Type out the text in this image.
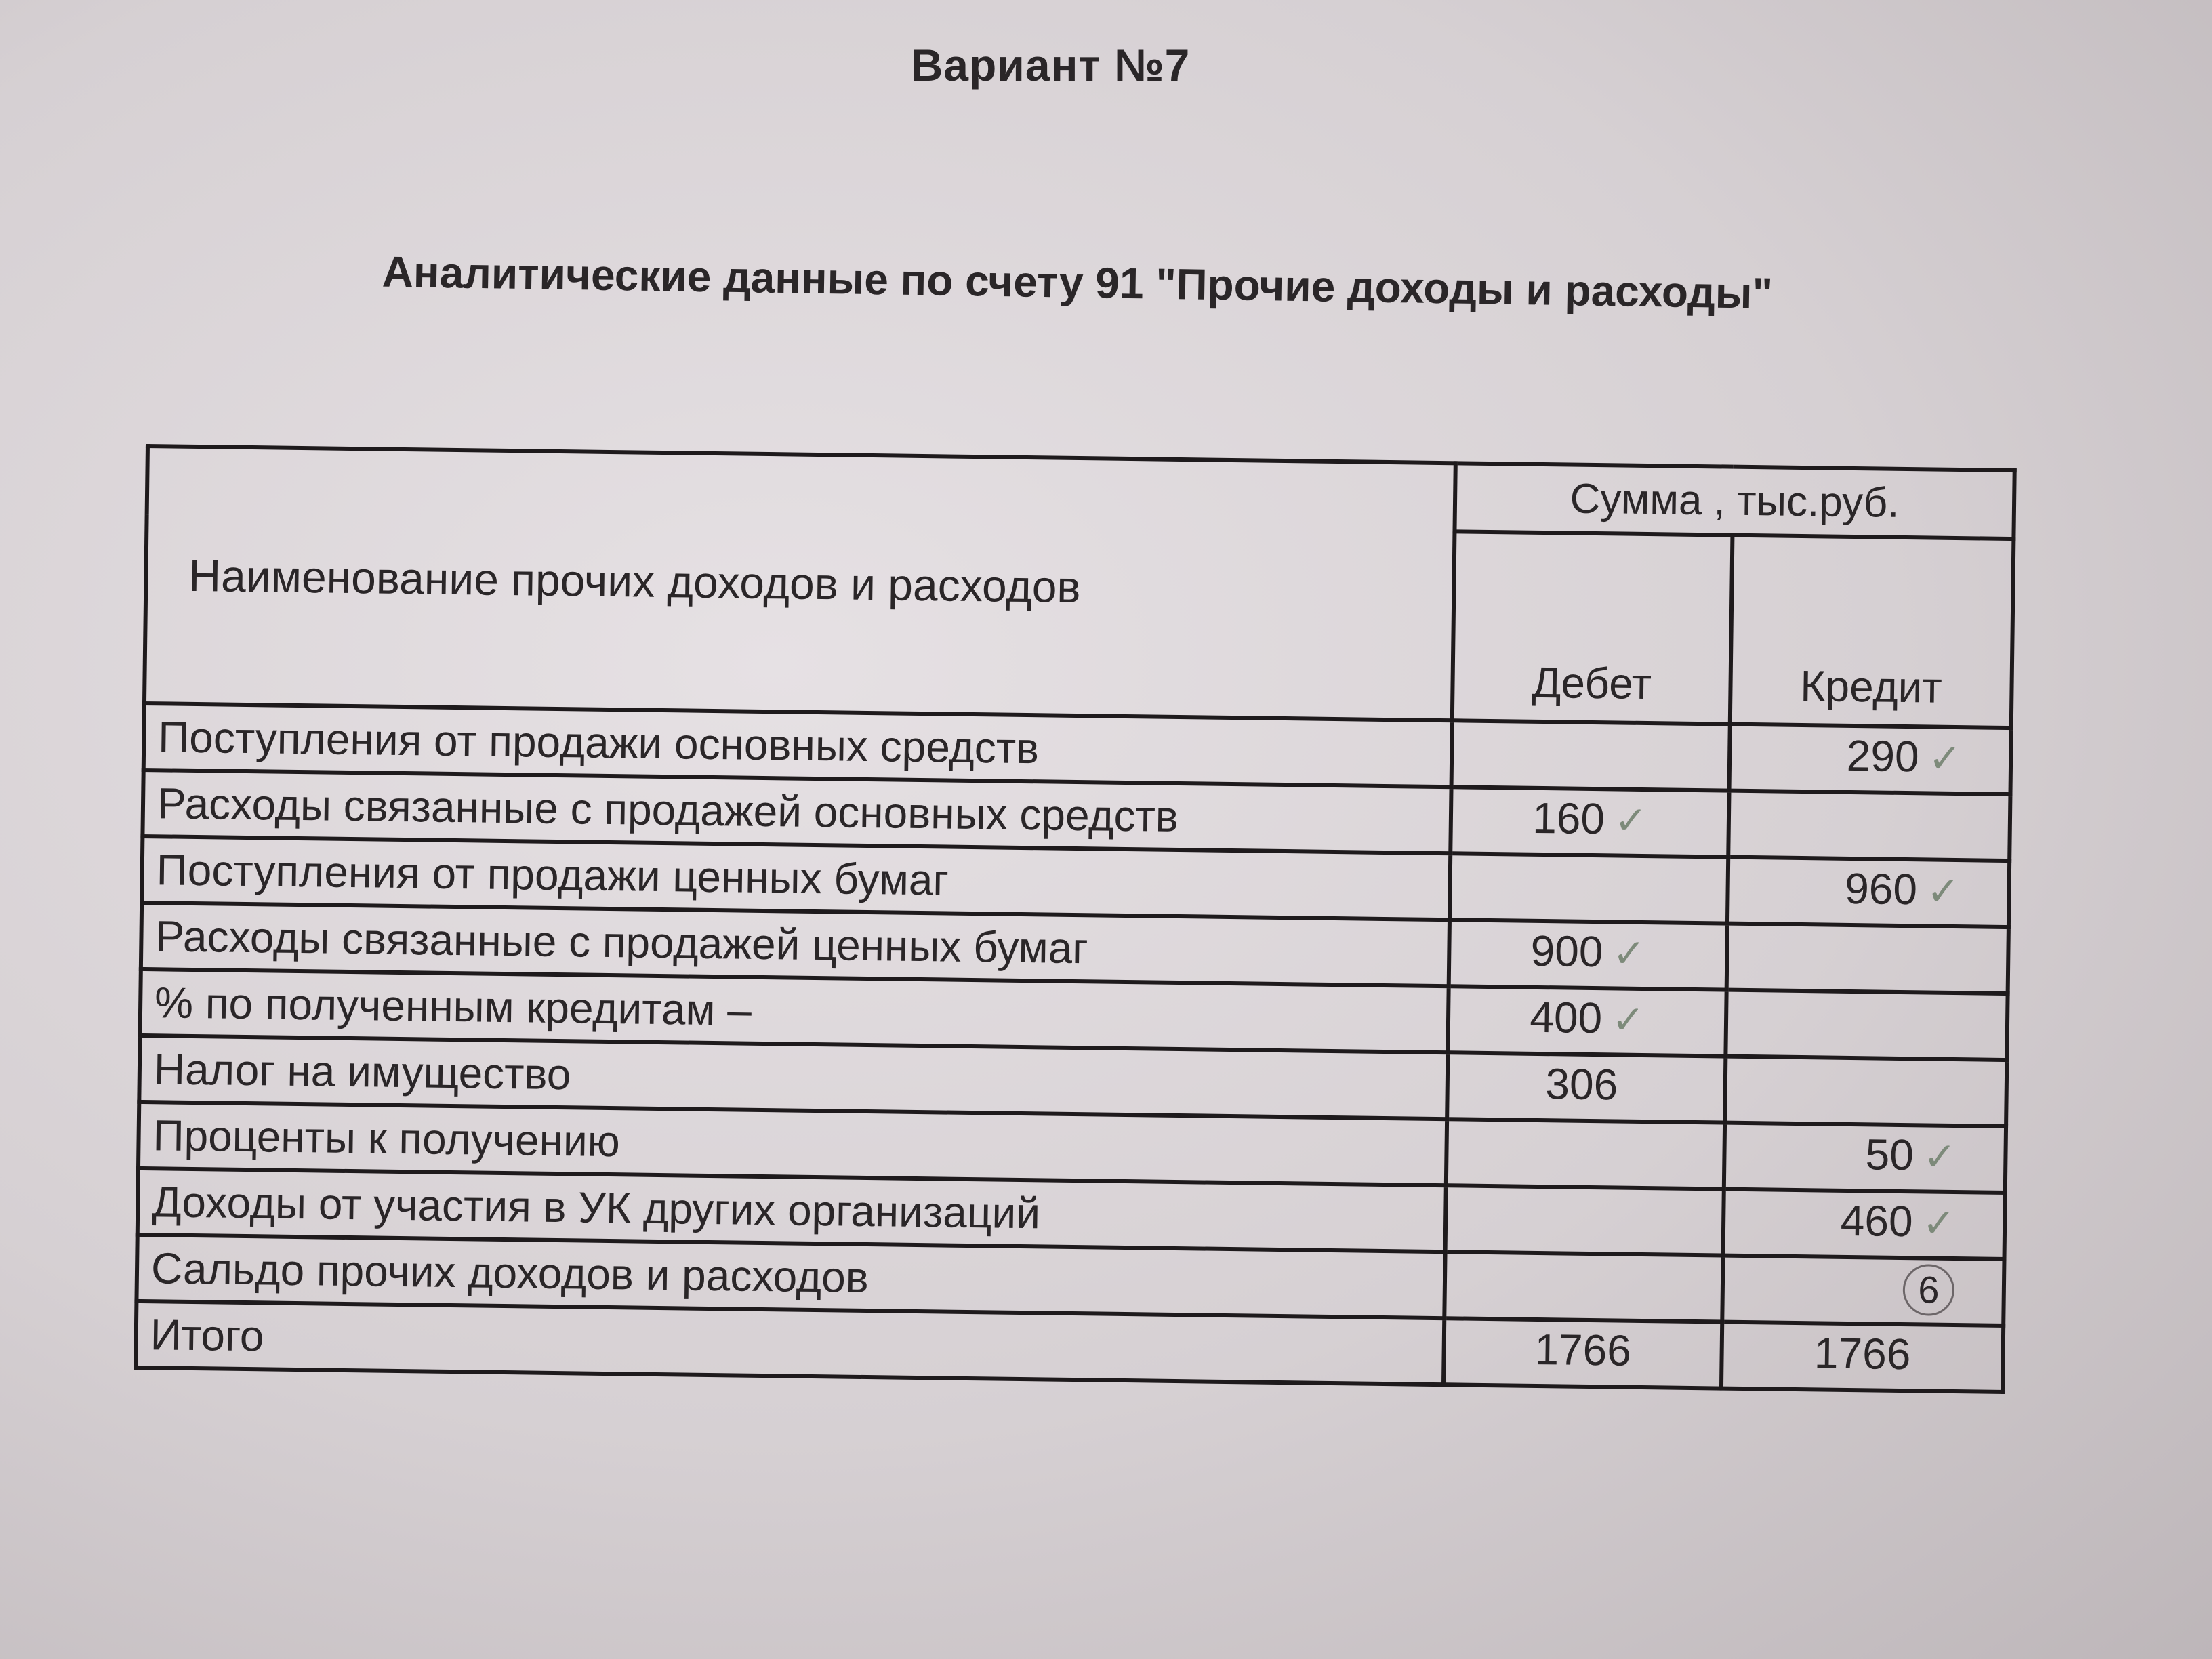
Вариант №7
Аналитические данные по счету 91 "Прочие доходы и расходы"
Наименование прочих доходов и расходов	Сумма , тыс.руб.	
	Дебет	Кредит
Поступления от продажи основных средств		290 ✓
Расходы связанные с продажей основных средств	160 ✓	
Поступления от продажи ценных бумаг		960 ✓
Расходы связанные с продажей ценных бумаг	900 ✓	
% по полученным кредитам –	400 ✓	
Налог на имущество	306	
Проценты к получению		50 ✓
Доходы от участия в УК других организаций		460 ✓
Сальдо прочих доходов и расходов		6
Итого	1766	1766
